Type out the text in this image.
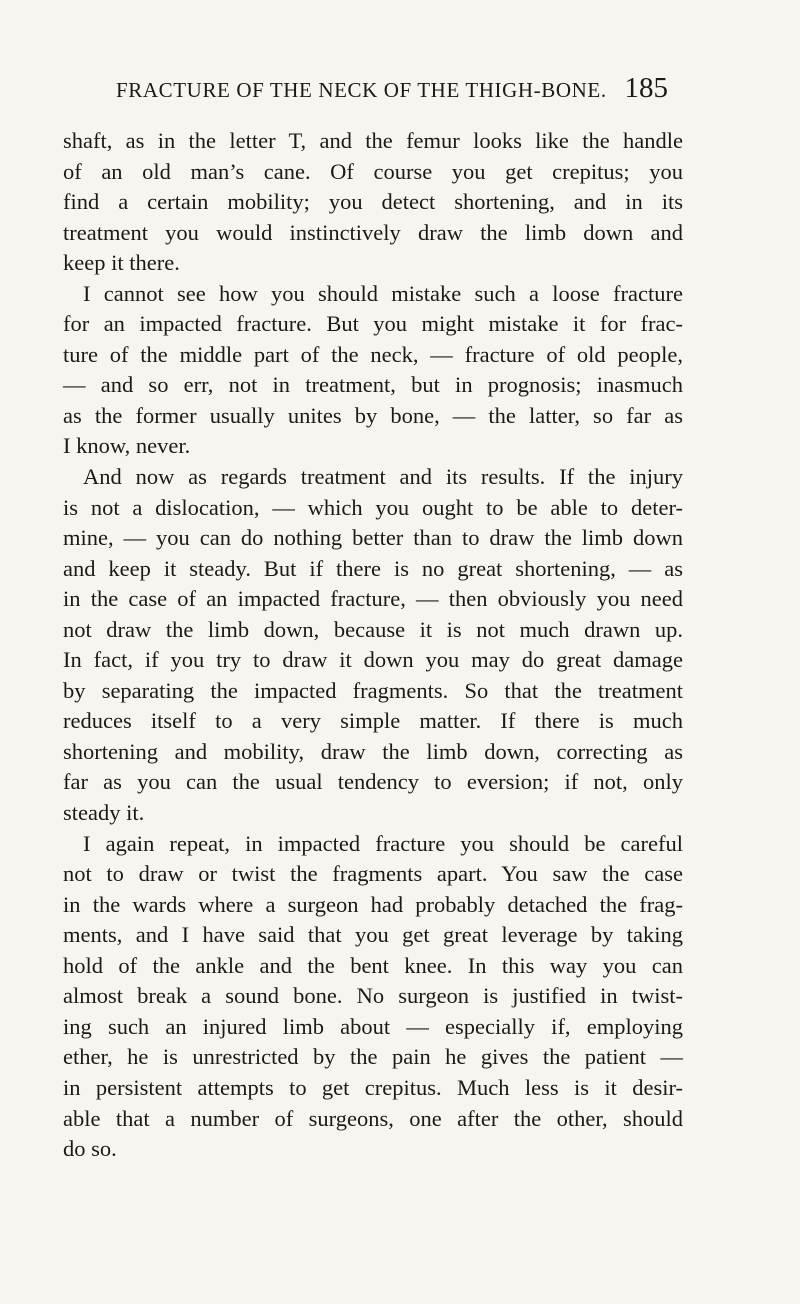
FRACTURE OF THE NECK OF THE THIGH-BONE. 185
shaft, as in the letter T, and the femur looks like the handle
of an old man’s cane. Of course you get crepitus; you
find a certain mobility; you detect shortening, and in its
treatment you would instinctively draw the limb down and
keep it there.
I cannot see how you should mistake such a loose fracture
for an impacted fracture. But you might mistake it for frac-
ture of the middle part of the neck, — fracture of old people,
— and so err, not in treatment, but in prognosis; inasmuch
as the former usually unites by bone, — the latter, so far as
I know, never.
And now as regards treatment and its results. If the injury
is not a dislocation, — which you ought to be able to deter-
mine, — you can do nothing better than to draw the limb down
and keep it steady. But if there is no great shortening, — as
in the case of an impacted fracture, — then obviously you need
not draw the limb down, because it is not much drawn up.
In fact, if you try to draw it down you may do great damage
by separating the impacted fragments. So that the treatment
reduces itself to a very simple matter. If there is much
shortening and mobility, draw the limb down, correcting as
far as you can the usual tendency to eversion; if not, only
steady it.
I again repeat, in impacted fracture you should be careful
not to draw or twist the fragments apart. You saw the case
in the wards where a surgeon had probably detached the frag-
ments, and I have said that you get great leverage by taking
hold of the ankle and the bent knee. In this way you can
almost break a sound bone. No surgeon is justified in twist-
ing such an injured limb about — especially if, employing
ether, he is unrestricted by the pain he gives the patient —
in persistent attempts to get crepitus. Much less is it desir-
able that a number of surgeons, one after the other, should
do so.
